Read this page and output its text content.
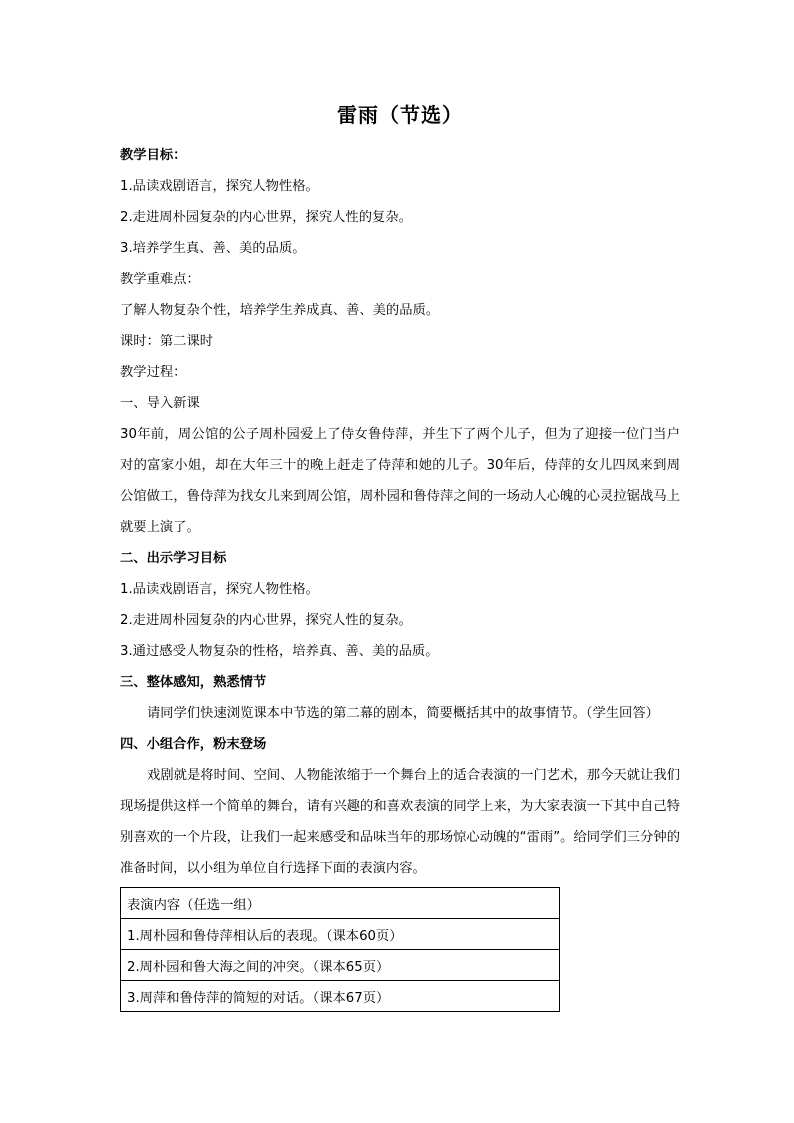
雷雨（节选）

教学目标：

1.品读戏剧语言，探究人物性格。

2.走进周朴园复杂的内心世界，探究人性的复杂。

3.培养学生真、善、美的品质。

教学重难点：

了解人物复杂个性，培养学生养成真、善、美的品质。

课时：第二课时

教学过程：

一、导入新课

30年前，周公馆的公子周朴园爱上了侍女鲁侍萍，并生下了两个儿子，但为了迎接一位门当户对的富家小姐，却在大年三十的晚上赶走了侍萍和她的儿子。30年后，侍萍的女儿四凤来到周公馆做工，鲁侍萍为找女儿来到周公馆，周朴园和鲁侍萍之间的一场动人心魄的心灵拉锯战马上就要上演了。

二、出示学习目标

1.品读戏剧语言，探究人物性格。

2.走进周朴园复杂的内心世界，探究人性的复杂。

3.通过感受人物复杂的性格，培养真、善、美的品质。

三、整体感知，熟悉情节

请同学们快速浏览课本中节选的第二幕的剧本，简要概括其中的故事情节。（学生回答）

四、小组合作，粉末登场

戏剧就是将时间、空间、人物能浓缩于一个舞台上的适合表演的一门艺术，那今天就让我们现场提供这样一个简单的舞台，请有兴趣的和喜欢表演的同学上来，为大家表演一下其中自己特别喜欢的一个片段，让我们一起来感受和品味当年的那场惊心动魄的“雷雨”。给同学们三分钟的准备时间，以小组为单位自行选择下面的表演内容。

表演内容（任选一组）
1.周朴园和鲁侍萍相认后的表现。（课本60页）
2.周朴园和鲁大海之间的冲突。（课本65页）
3.周萍和鲁侍萍的简短的对话。（课本67页）
